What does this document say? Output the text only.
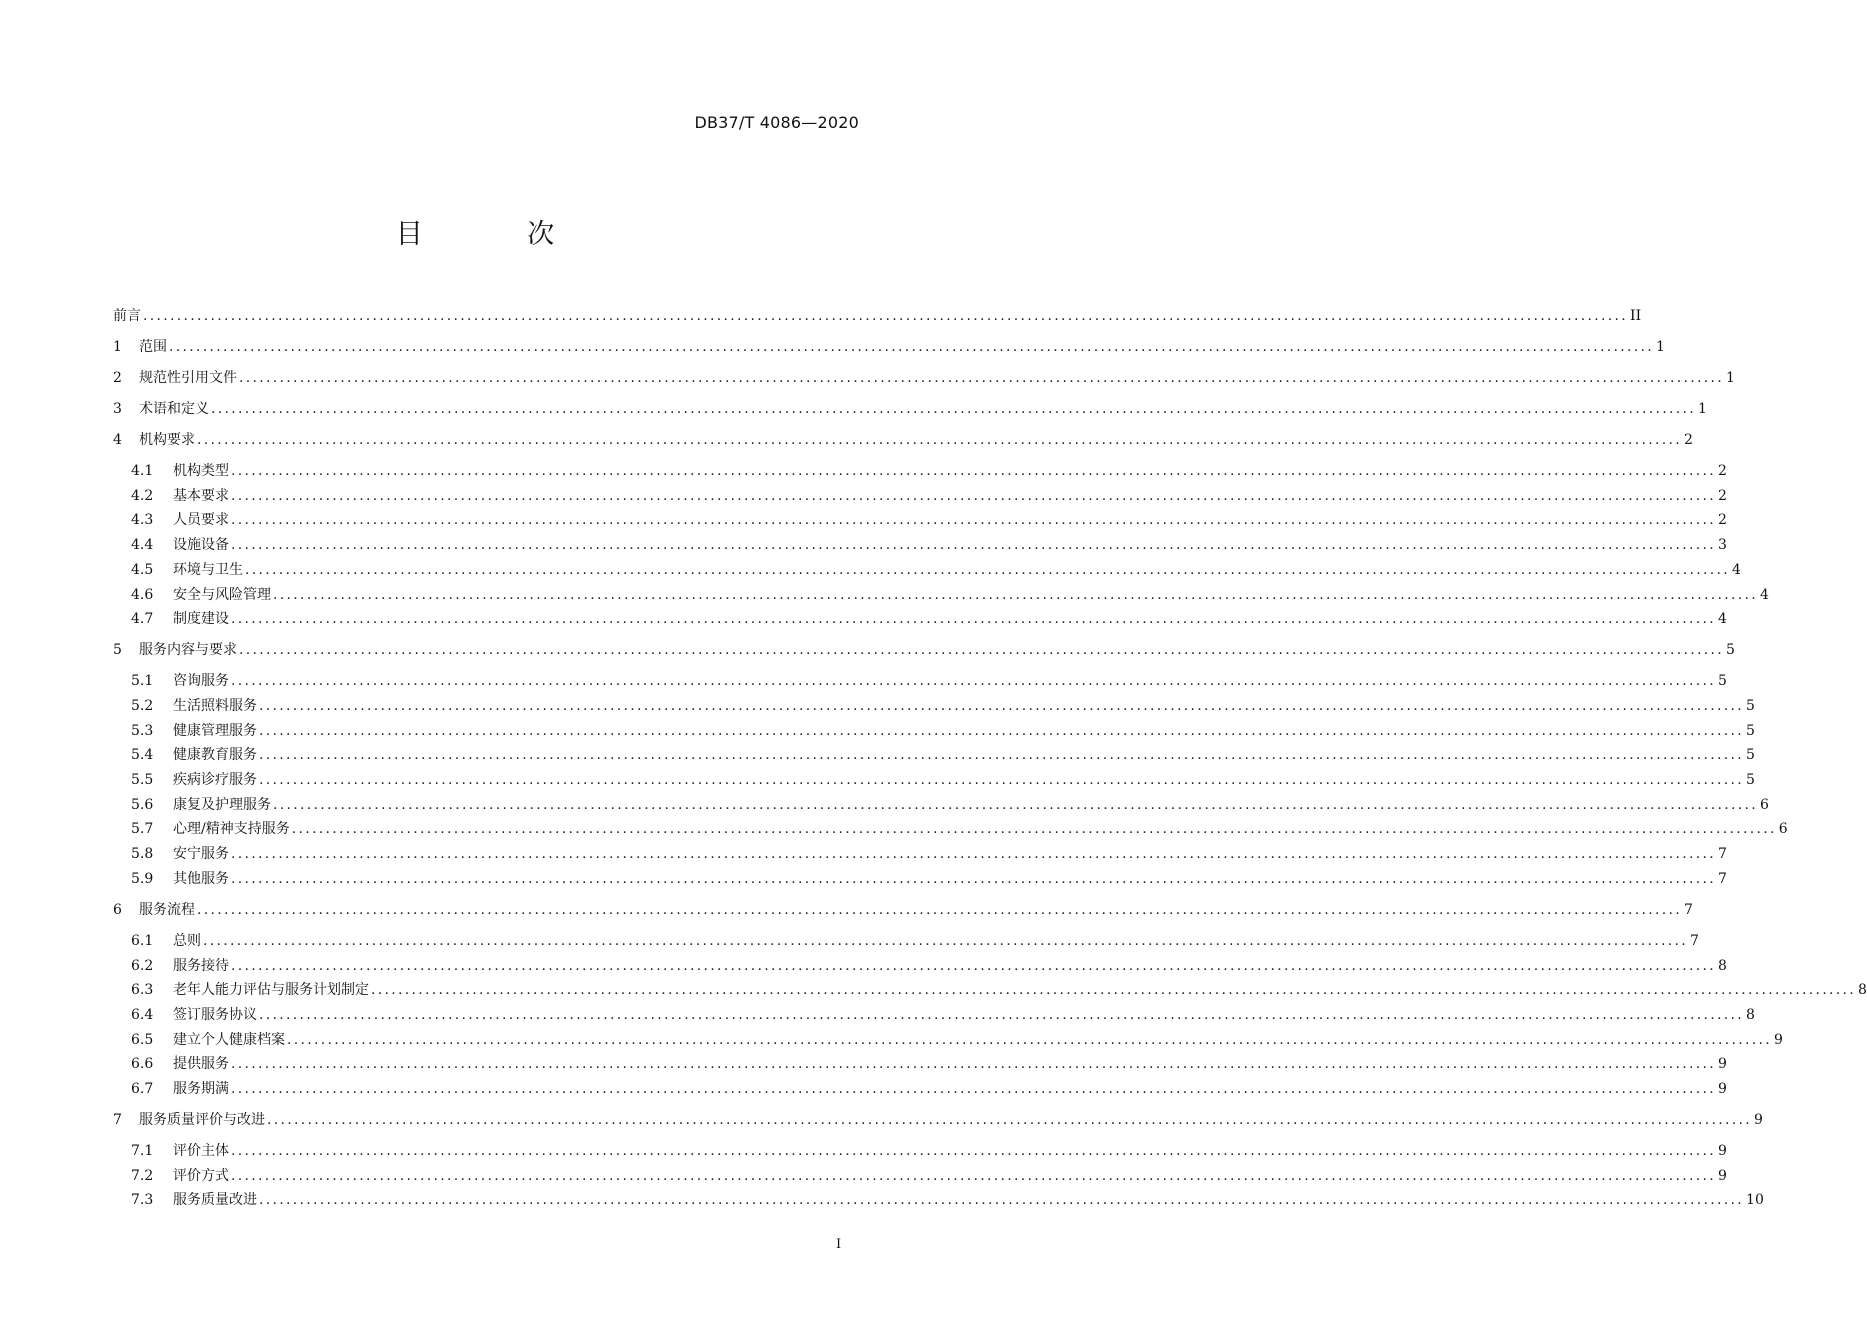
DB37/T 4086—2020
目 次
前言 ............................................................................................................................................................................................................................ II
1	范围 ............................................................................................................................................................................................................................ 1
2	规范性引用文件 ............................................................................................................................................................................................................................ 1
3	术语和定义 ............................................................................................................................................................................................................................ 1
4	机构要求 ............................................................................................................................................................................................................................ 2
4.1	机构类型 ............................................................................................................................................................................................................................ 2
4.2	基本要求 ............................................................................................................................................................................................................................ 2
4.3	人员要求 ............................................................................................................................................................................................................................ 2
4.4	设施设备 ............................................................................................................................................................................................................................ 3
4.5	环境与卫生 ............................................................................................................................................................................................................................ 4
4.6	安全与风险管理 ............................................................................................................................................................................................................................ 4
4.7	制度建设 ............................................................................................................................................................................................................................ 4
5	服务内容与要求 ............................................................................................................................................................................................................................ 5
5.1	咨询服务 ............................................................................................................................................................................................................................ 5
5.2	生活照料服务 ............................................................................................................................................................................................................................ 5
5.3	健康管理服务 ............................................................................................................................................................................................................................ 5
5.4	健康教育服务 ............................................................................................................................................................................................................................ 5
5.5	疾病诊疗服务 ............................................................................................................................................................................................................................ 5
5.6	康复及护理服务 ............................................................................................................................................................................................................................ 6
5.7	心理/精神支持服务 ............................................................................................................................................................................................................................ 6
5.8	安宁服务 ............................................................................................................................................................................................................................ 7
5.9	其他服务 ............................................................................................................................................................................................................................ 7
6	服务流程 ............................................................................................................................................................................................................................ 7
6.1	总则 ............................................................................................................................................................................................................................ 7
6.2	服务接待 ............................................................................................................................................................................................................................ 8
6.3	老年人能力评估与服务计划制定 ............................................................................................................................................................................................................................ 8
6.4	签订服务协议 ............................................................................................................................................................................................................................ 8
6.5	建立个人健康档案 ............................................................................................................................................................................................................................ 9
6.6	提供服务 ............................................................................................................................................................................................................................ 9
6.7	服务期满 ............................................................................................................................................................................................................................ 9
7	服务质量评价与改进 ............................................................................................................................................................................................................................ 9
7.1	评价主体 ............................................................................................................................................................................................................................ 9
7.2	评价方式 ............................................................................................................................................................................................................................ 9
7.3	服务质量改进 ............................................................................................................................................................................................................................ 10
I
